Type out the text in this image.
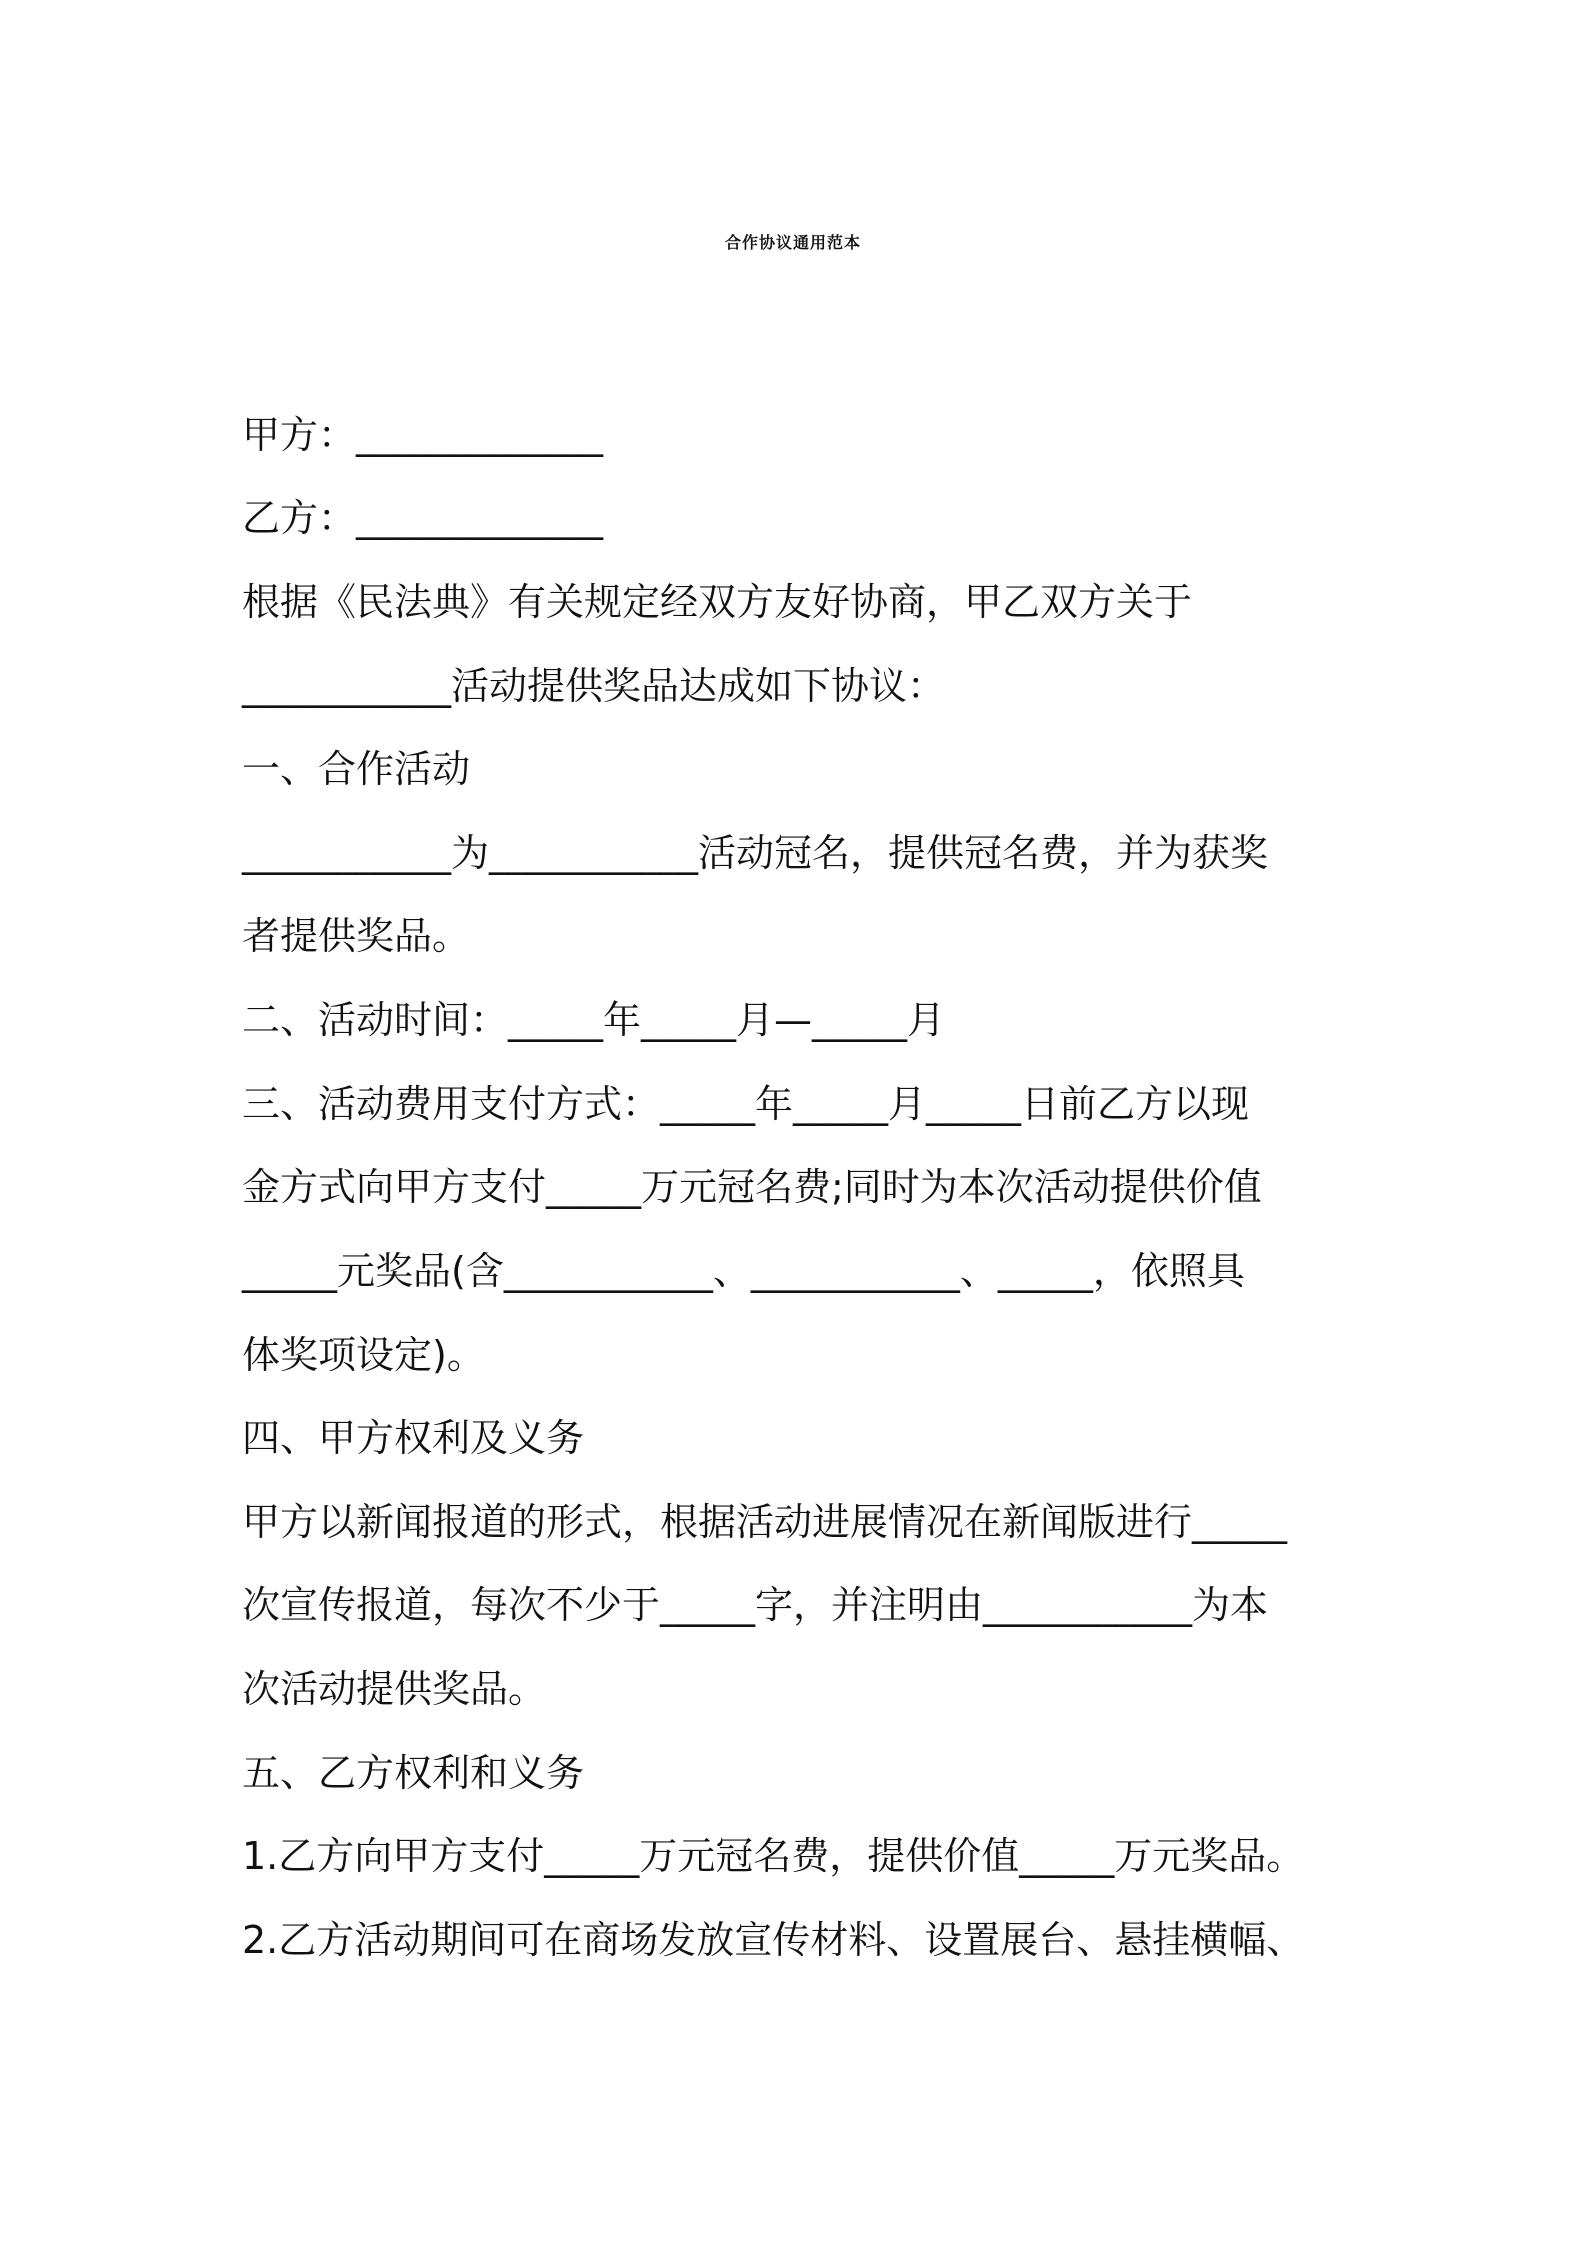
合作协议通用范本
甲方：_____________
乙方：_____________
根据《民法典》有关规定经双方友好协商，甲乙双方关于
___________活动提供奖品达成如下协议：
一、合作活动
___________为___________活动冠名，提供冠名费，并为获奖
者提供奖品。
二、活动时间：_____年_____月—_____月
三、活动费用支付方式：_____年_____月_____日前乙方以现
金方式向甲方支付_____万元冠名费;同时为本次活动提供价值
_____元奖品(含___________、___________、_____，依照具
体奖项设定)。
四、甲方权利及义务
甲方以新闻报道的形式，根据活动进展情况在新闻版进行_____
次宣传报道，每次不少于_____字，并注明由___________为本
次活动提供奖品。
五、乙方权利和义务
1.乙方向甲方支付_____万元冠名费，提供价值_____万元奖品。
2.乙方活动期间可在商场发放宣传材料、设置展台、悬挂横幅、
